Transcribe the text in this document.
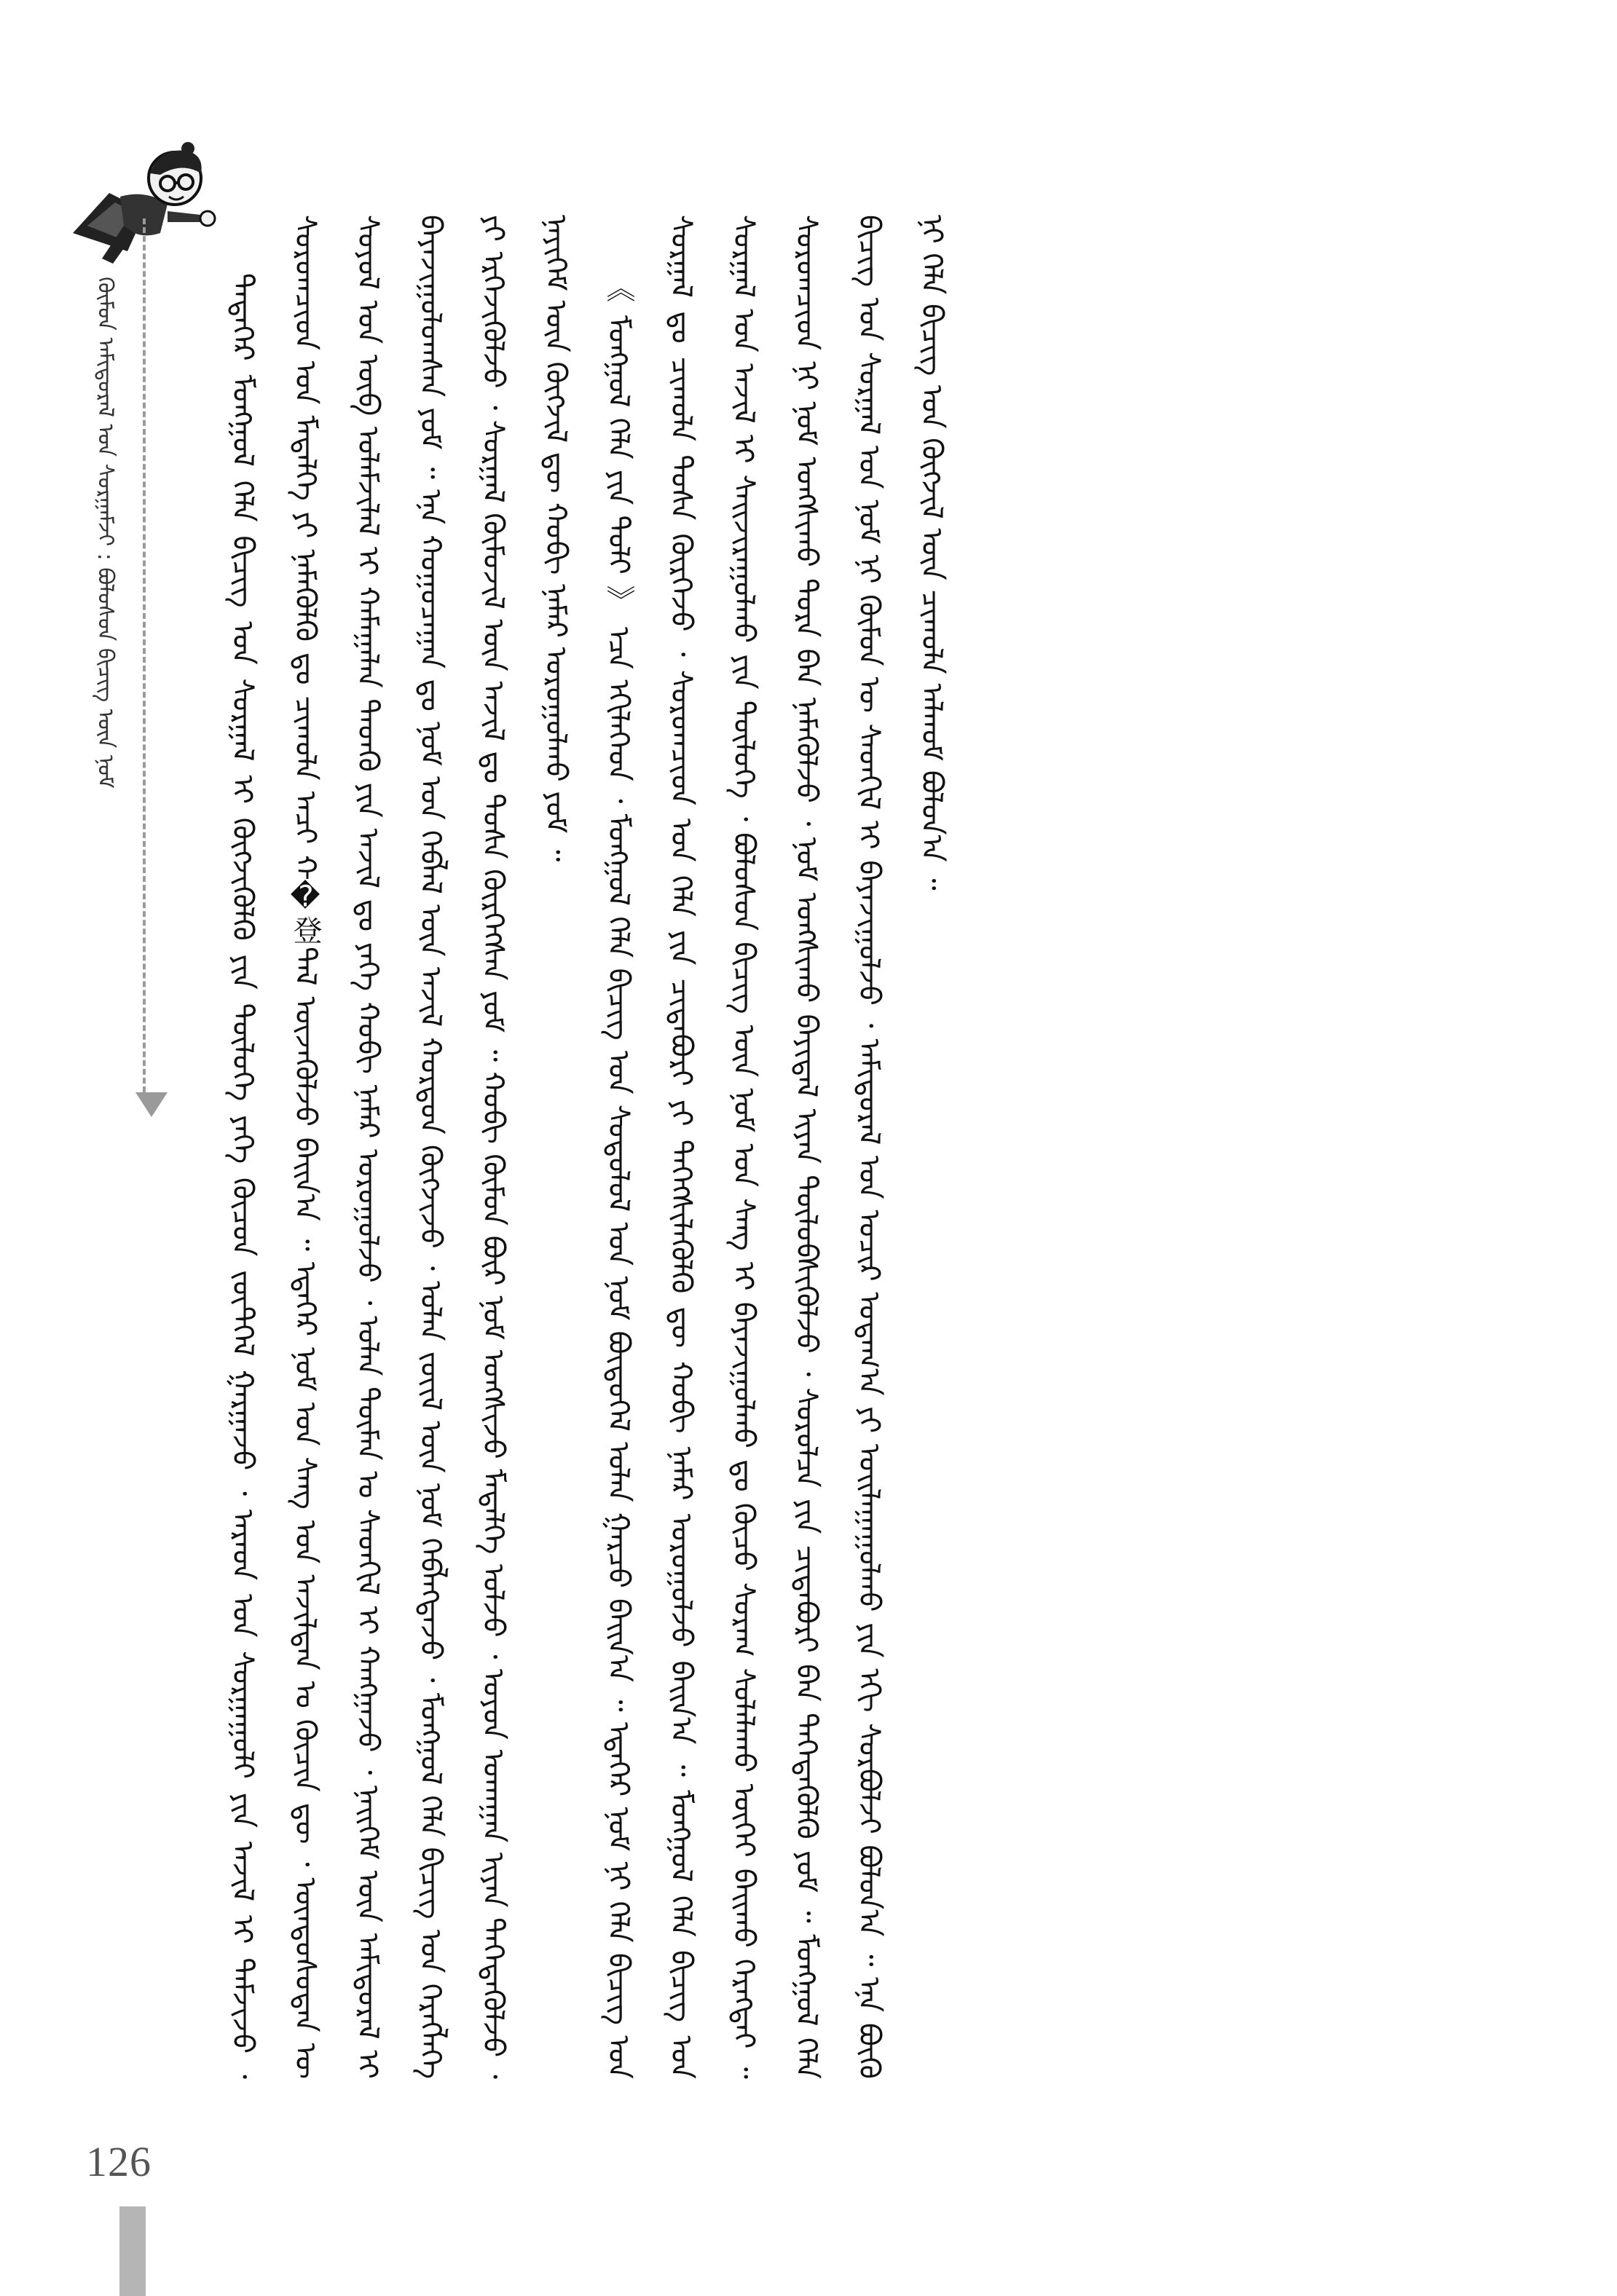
ᠬᠦᠮᠦᠨ ᠠᠮᠢᠳᠤᠷᠠᠯ ᠤᠨ ᠰᠤᠷᠭᠠᠮᠵᠢ : ᠪᠤᠯᠤᠰᠤᠨ ᠪᠢᠴᠢᠭ ᠦᠨ ᠨᠣᠮ
126

ᠲᠡᠳᠡᠭᠡᠷ ᠮᠣᠩᠭᠣᠯ ᠬᠡᠯᠡ ᠪᠢᠴᠢᠭ ᠤᠨ ᠰᠤᠷᠭᠠᠯ ᠢ ᠬᠥᠭᠵᠢᠭᠦᠯᠬᠦ ᠶᠢᠨ ᠲᠥᠯᠥᠭᠡ ᠶᠡᠬᠡ ᠬᠦᠴᠦᠨ ᠵᠦᠲᠭᠡᠯ ᠭᠠᠷᠭᠠᠵᠤ ᠂ ᠠᠷᠠᠳ ᠤᠨ ᠰᠤᠷᠭᠠᠭᠤᠯᠢ ᠶᠢᠨ ᠠᠵᠢᠯ ᠢ ᠳᠡᠮᠵᠢᠵᠦ ᠂ ᠰᠤᠷᠤᠭᠴᠢᠳ ᠤᠨ ᠮᠡᠳᠡᠯᠭᠡ ᠶᠢ ᠨᠡᠮᠡᠭᠦᠯᠬᠦ ᠳᠤ ᠴᠢᠬᠤᠯᠠ ᠠᠴᠢ ᠬ�登ᠳᠡᠯ ᠦᠵᠡᠭᠦᠯᠵᠦ ᠪᠠᠢᠨ᠎ᠠ ᠃ ᠡᠳᠡᠭᠡᠷ ᠨᠣᠮ ᠤᠨ ᠰᠠᠩ ᠤᠨ ᠠᠵᠢᠯᠲᠠᠨ ᠤ ᠬᠦᠴᠢᠨ ᠳᠦ ᠂ ᠦᠨᠳᠦᠰᠦᠲᠡᠨ ᠦ ᠰᠣᠶᠤᠯ ᠤᠨ ᠦᠪ ᠤᠯᠠᠮᠵᠢᠯᠠᠯ ᠢ ᠬᠠᠮᠠᠭᠠᠯᠠᠨ ᠲᠡᠳᠬᠦ ᠶᠢᠨ ᠠᠵᠢᠯ ᠳᠤ ᠶᠡᠬᠡ ᠬᠤᠪᠢ ᠨᠡᠮᠡᠷ ᠣᠷᠣᠭᠤᠯᠵᠤ ᠂ ᠣᠯᠠᠨ ᠲᠦᠮᠡᠨ ᠤ ᠰᠡᠳᠬᠢᠯ ᠢ ᠬᠠᠩᠭᠠᠵᠤ ᠂ ᠨᠡᠢᠭᠡᠮ ᠦᠨ ᠠᠮᠢᠳᠤᠷᠠᠯ ᠢ ᠪᠠᠶᠠᠵᠢᠭᠤᠯᠤᠭᠰᠠᠨ ᠶᠤᠮ ᠃ ᠡᠨᠡ ᠬᠤᠭᠤᠴᠠᠭᠠᠨ ᠳᠤ ᠨᠣᠮ ᠤᠨ ᠬᠡᠪᠯᠡᠯ ᠦᠨ ᠠᠵᠢᠯ ᠬᠤᠷᠳᠤᠨ ᠬᠥᠭᠵᠢᠵᠦ ᠂ ᠣᠯᠠᠨ ᠵᠦᠢᠯ ᠦᠨ ᠨᠣᠮ ᠬᠡᠪᠯᠡᠭᠳᠡᠵᠦ ᠂ ᠮᠣᠩᠭᠣᠯ ᠬᠡᠯᠡ ᠪᠢᠴᠢᠭ ᠤᠨ ᠬᠡᠷᠡᠭᠯᠡᠭᠡ ᠶᠢ ᠡᠷᠬᠡᠵᠢᠭᠦᠯᠵᠦ ᠂ ᠰᠤᠷᠭᠠᠯ ᠬᠥᠮᠦᠵᠢᠯ ᠦᠨ ᠠᠵᠢᠯ ᠳᠤ ᠲᠤᠰᠠ ᠬᠦᠷᠭᠡᠭᠰᠡᠨ ᠶᠤᠮ ᠃ ᠬᠤᠪᠢ ᠬᠦᠮᠦᠨ ᠪᠦᠷ ᠨᠣᠮ ᠤᠩᠰᠢᠵᠤ ᠮᠡᠳᠡᠯᠭᠡ ᠣᠯᠵᠤ ᠂ ᠣᠶᠤᠨ ᠤᠬᠠᠭᠠᠨ ᠢᠶᠠᠨ ᠳᠡᠭᠡᠳᠡᠭᠦᠯᠵᠦ ᠂ ᠨᠡᠶᠢᠭᠡᠮ ᠦᠨ ᠬᠥᠭᠵᠢᠯ ᠳᠦ ᠬᠤᠪᠢ ᠨᠡᠮᠡᠷ ᠣᠷᠣᠭᠤᠯᠬᠤ ᠶᠤᠮ ᠃	《 ᠮᠣᠩᠭᠣᠯ ᠬᠡᠯᠡ ᠶᠢᠨ ᠲᠣᠯᠢ 》 ᠡᠴᠡ ᠡᠬᠢᠯᠡᠭᠡᠳ ᠂ ᠮᠣᠩᠭᠣᠯ ᠬᠡᠯᠡ ᠪᠢᠴᠢᠭ ᠤᠨ ᠰᠤᠳᠤᠯᠤᠯ ᠤᠨ ᠨᠣᠮ ᠪᠦᠲᠦᠭᠡᠯ ᠤᠯᠠᠨ ᠭᠠᠷᠴᠤ ᠪᠠᠢᠨ᠎ᠠ ᠃ ᠡᠳᠡᠭᠡᠷ ᠨᠣᠮ ᠨᠢ ᠬᠡᠯᠡ ᠪᠢᠴᠢᠭ ᠤᠨ ᠰᠤᠷᠭᠠᠯ ᠳᠤ ᠴᠢᠬᠤᠯᠠ ᠲᠤᠰᠠ ᠬᠦᠷᠭᠡᠵᠦ ᠂ ᠰᠤᠷᠤᠭᠴᠢᠳ ᠤᠨ ᠬᠡᠯᠡ ᠶᠢᠨ ᠴᠢᠳᠠᠪᠤᠷᠢ ᠶᠢ ᠳᠡᠭᠡᠭᠰᠢᠯᠡᠭᠦᠯᠬᠦ ᠳᠦ ᠬᠤᠪᠢ ᠨᠡᠮᠡᠷ ᠣᠷᠣᠭᠤᠯᠵᠤ ᠪᠠᠢᠨ᠎ᠠ ᠃ ᠮᠣᠩᠭᠣᠯ ᠬᠡᠯᠡ ᠪᠢᠴᠢᠭ ᠤᠨ ᠰᠤᠷᠭᠠᠯ ᠤᠨ ᠠᠵᠢᠯ ᠢ ᠰᠠᠢᠵᠢᠷᠠᠭᠤᠯᠬᠤ ᠶᠢᠨ ᠲᠥᠯᠥᠭᠡ ᠂ ᠪᠤᠯᠤᠰᠤᠨ ᠪᠢᠴᠢᠭ ᠦᠨ ᠨᠣᠮ ᠤᠨ ᠰᠠᠩ ᠢ ᠪᠠᠶᠠᠵᠢᠭᠤᠯᠬᠤ ᠳᠤ ᠬᠦᠴᠦ ᠰᠤᠷᠠᠭ ᠰᠤᠯᠠᠯᠠᠬᠤ ᠦᠭᠡᠢ ᠪᠠᠢᠬᠤ ᠬᠡᠷᠡᠭᠲᠡᠢ ᠃ ᠰᠤᠷᠤᠭᠴᠢᠳ ᠨᠢ ᠨᠣᠮ ᠤᠩᠰᠢᠬᠤ ᠳᠤᠷᠠ ᠪᠡᠨ ᠨᠡᠮᠡᠭᠦᠯᠵᠦ ᠂ ᠨᠣᠮ ᠤᠩᠰᠢᠬᠤ ᠪᠠᠶᠢᠳᠠᠯ ᠢᠶᠠᠨ ᠲᠥᠯᠥᠪᠰᠢᠭᠦᠯᠵᠦ ᠂ ᠰᠤᠷᠤᠯᠴᠠ ᠶᠢᠨ ᠴᠢᠳᠠᠪᠤᠷᠢ ᠪᠠᠨ ᠳᠡᠭᠡᠳᠡᠭᠦᠯᠬᠦ ᠶᠤᠮ ᠃ ᠮᠣᠩᠭᠣᠯ ᠬᠡᠯᠡ ᠪᠢᠴᠢᠭ ᠤᠨ ᠰᠤᠷᠭᠠᠯ ᠤᠨ ᠨᠣᠮ ᠨᠢ ᠬᠦᠮᠦᠨ ᠦ ᠰᠡᠳᠬᠢᠯ ᠢ ᠪᠠᠶᠠᠵᠢᠭᠤᠯᠵᠤ ᠂ ᠠᠮᠢᠳᠤᠷᠠᠯ ᠤᠨ ᠤᠴᠢᠷ ᠤᠲᠠᠭ᠎ᠠ ᠶᠢ ᠣᠢᠯᠠᠭᠠᠭᠤᠯᠬᠤ ᠶᠢᠨ ᠡᠬᠢ ᠰᠤᠷᠪᠤᠯᠵᠢ ᠪᠣᠯᠤᠨ᠎ᠠ ᠃ ᠡᠨᠡ ᠪᠦᠬᠦ ᠨᠢ ᠬᠡᠯᠡ ᠪᠢᠴᠢᠭ ᠤᠨ ᠬᠥᠭᠵᠢᠯ ᠦᠨ ᠴᠢᠬᠤᠯᠠ ᠠᠯᠬᠤᠮ ᠪᠣᠯᠤᠨ᠎ᠠ ᠃
